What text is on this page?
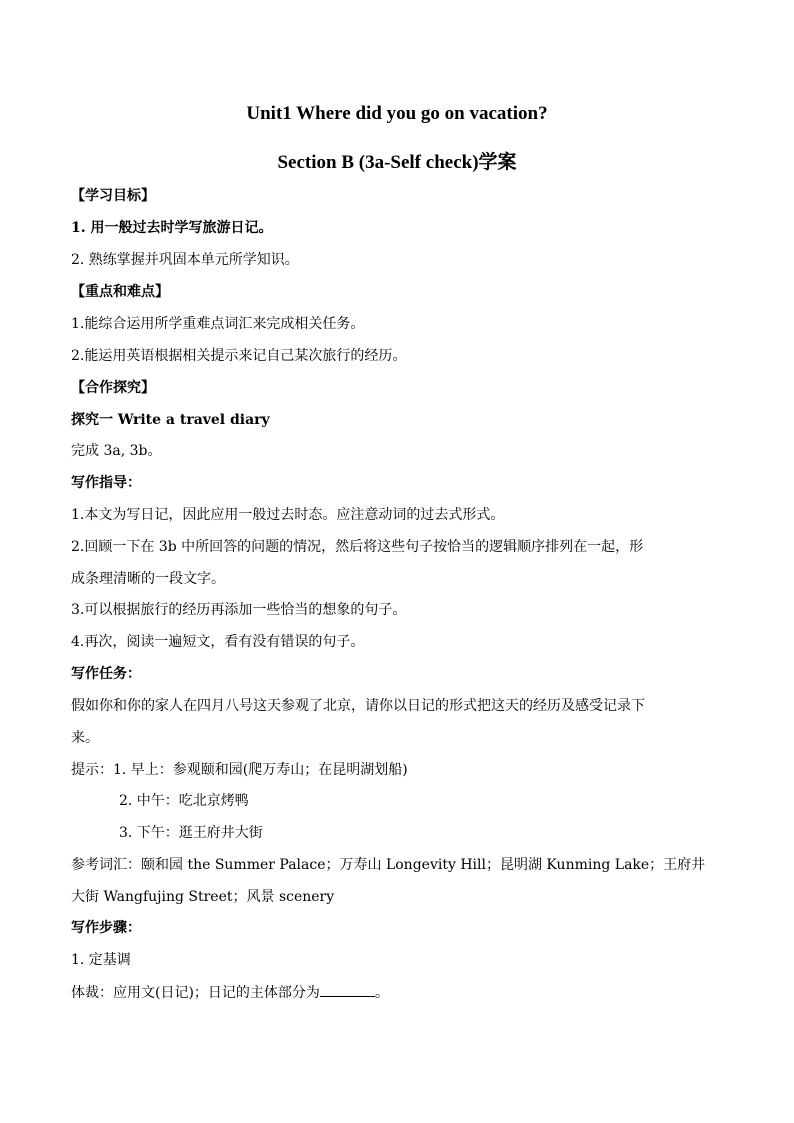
Unit1 Where did you go on vacation?
Section B (3a-Self check)学案
【学习目标】
1. 用一般过去时学写旅游日记。
2. 熟练掌握并巩固本单元所学知识。
【重点和难点】
1.能综合运用所学重难点词汇来完成相关任务。
2.能运用英语根据相关提示来记自己某次旅行的经历。
【合作探究】
探究一 Write a travel diary
完成 3a, 3b。
写作指导：
1.本文为写日记，因此应用一般过去时态。应注意动词的过去式形式。
2.回顾一下在 3b 中所回答的问题的情况，然后将这些句子按恰当的逻辑顺序排列在一起，形
成条理清晰的一段文字。
3.可以根据旅行的经历再添加一些恰当的想象的句子。
4.再次，阅读一遍短文，看有没有错误的句子。
写作任务：
假如你和你的家人在四月八号这天参观了北京，请你以日记的形式把这天的经历及感受记录下
来。
提示：1. 早上：参观颐和园(爬万寿山；在昆明湖划船)
2. 中午：吃北京烤鸭
3. 下午：逛王府井大街
参考词汇：颐和园 the Summer Palace；万寿山 Longevity Hill；昆明湖 Kunming Lake；王府井
大街 Wangfujing Street；风景 scenery
写作步骤：
1. 定基调
体裁：应用文(日记)；日记的主体部分为	。
